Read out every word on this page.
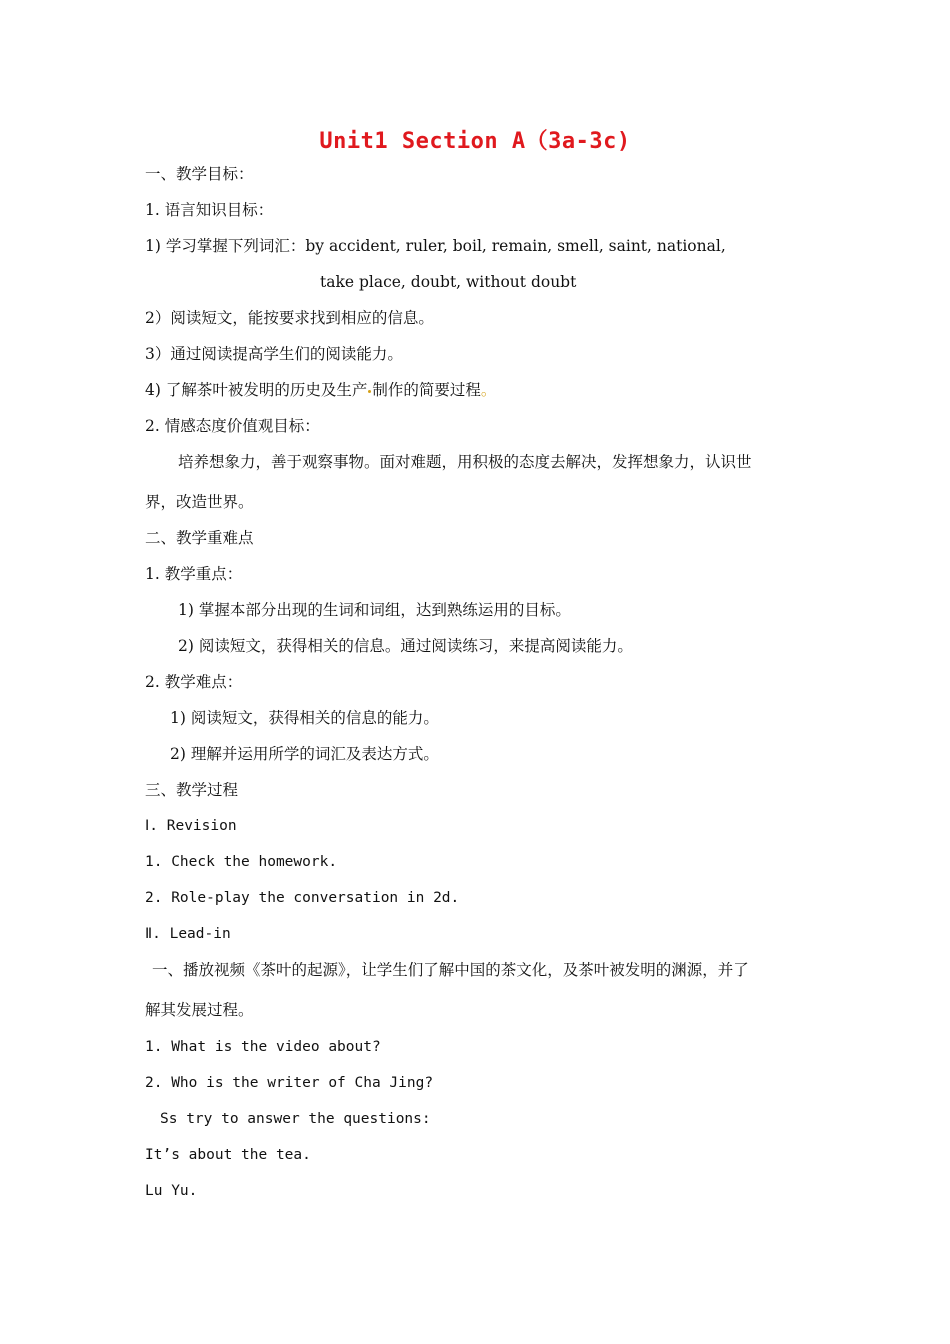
Unit1 Section A（3a-3c)
一、教学目标：
1. 语言知识目标：
1) 学习掌握下列词汇：by accident, ruler, boil, remain, smell, saint, national,
take place, doubt, without doubt
2）阅读短文，能按要求找到相应的信息。
3）通过阅读提高学生们的阅读能力。
4) 了解茶叶被发明的历史及生产 制作的简要过程。
2. 情感态度价值观目标：
培养想象力，善于观察事物。面对难题，用积极的态度去解决，发挥想象力，认识世
界，改造世界。
二、教学重难点
1. 教学重点：
1) 掌握本部分出现的生词和词组，达到熟练运用的目标。
2) 阅读短文，获得相关的信息。通过阅读练习，来提高阅读能力。
2. 教学难点：
1) 阅读短文，获得相关的信息的能力。
2) 理解并运用所学的词汇及表达方式。
三、教学过程
Ⅰ. Revision
1. Check the homework.
2. Role-play the conversation in 2d.
Ⅱ. Lead-in
一、播放视频《茶叶的起源》，让学生们了解中国的茶文化，及茶叶被发明的渊源，并了
解其发展过程。
1. What is the video about?
2. Who is the writer of Cha Jing?
Ss try to answer the questions:
It’s about the tea.
Lu Yu.
